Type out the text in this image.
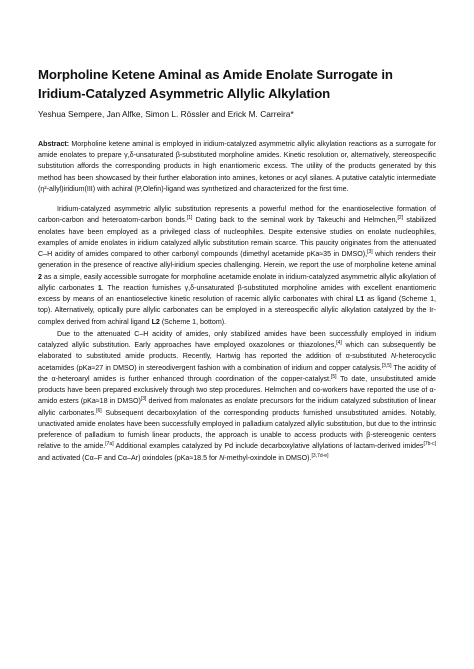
Morpholine Ketene Aminal as Amide Enolate Surrogate in Iridium-Catalyzed Asymmetric Allylic Alkylation

Yeshua Sempere, Jan Alfke, Simon L. Rössler and Erick M. Carreira*

Abstract: Morpholine ketene aminal is employed in iridium-catalyzed asymmetric allylic alkylation reactions as a surrogate for amide enolates to prepare γ,δ-unsaturated β-substituted morpholine amides. Kinetic resolution or, alternatively, stereospecific substitution affords the corresponding products in high enantiomeric excess. The utility of the products generated by this method has been showcased by their further elaboration into amines, ketones or acyl silanes. A putative catalytic intermediate (η²-allyl)iridium(III) with achiral (P,Olefin)-ligand was synthetized and characterized for the first time.

Iridium-catalyzed asymmetric allylic substitution represents a powerful method for the enantioselective formation of carbon-carbon and heteroatom-carbon bonds.[1] Dating back to the seminal work by Takeuchi and Helmchen,[2] stabilized enolates have been employed as a privileged class of nucleophiles. Despite extensive studies on enolate nucleophiles, examples of amide enolates in iridium catalyzed allylic substitution remain scarce. This paucity originates from the attenuated C–H acidity of amides compared to other carbonyl compounds (dimethyl acetamide pKa≈35 in DMSO),[3] which renders their generation in the presence of reactive allyl-iridium species challenging. Herein, we report the use of morpholine ketene aminal 2 as a simple, easily accessible surrogate for morpholine acetamide enolate in iridium-catalyzed asymmetric allylic alkylation of allylic carbonates 1. The reaction furnishes γ,δ-unsaturated β-substituted morpholine amides with excellent enantiomeric excess by means of an enantioselective kinetic resolution of racemic allylic carbonates with chiral L1 as ligand (Scheme 1, top). Alternatively, optically pure allylic carbonates can be employed in a stereospecific allylic alkylation catalyzed by the Ir-complex derived from achiral ligand L2 (Scheme 1, bottom).

Due to the attenuated C–H acidity of amides, only stabilized amides have been successfully employed in iridium catalyzed allylic substitution. Early approaches have employed oxazolones or thiazolones,[4] which can subsequently be elaborated to substituted amide products. Recently, Hartwig has reported the addition of α-substituted N-heterocyclic acetamides (pKa≈27 in DMSO) in stereodivergent fashion with a combination of iridium and copper catalysis.[3,5] The acidity of the α-heteroaryl amides is further enhanced through coordination of the copper-catalyst.[5] To date, unsubstituted amide products have been prepared exclusively through two step procedures. Helmchen and co-workers have reported the use of α-amido esters (pKa≈18 in DMSO)[3] derived from malonates as enolate precursors for the iridium catalyzed substitution of linear allylic carbonates.[6] Subsequent decarboxylation of the corresponding products furnished unsubstituted amides. Notably, unactivated amide enolates have been successfully employed in palladium catalyzed allylic substitution, but due to the intrinsic preference of palladium to furnish linear products, the approach is unable to access products with β-stereogenic centers relative to the amide.[7a] Additional examples catalyzed by Pd include decarboxylative allylations of lactam-derived imides[7b-c] and activated (Cα–F and Cα–Ar) oxindoles (pKa≈18.5 for N-methyl-oxindole in DMSO).[3,7d-e]
